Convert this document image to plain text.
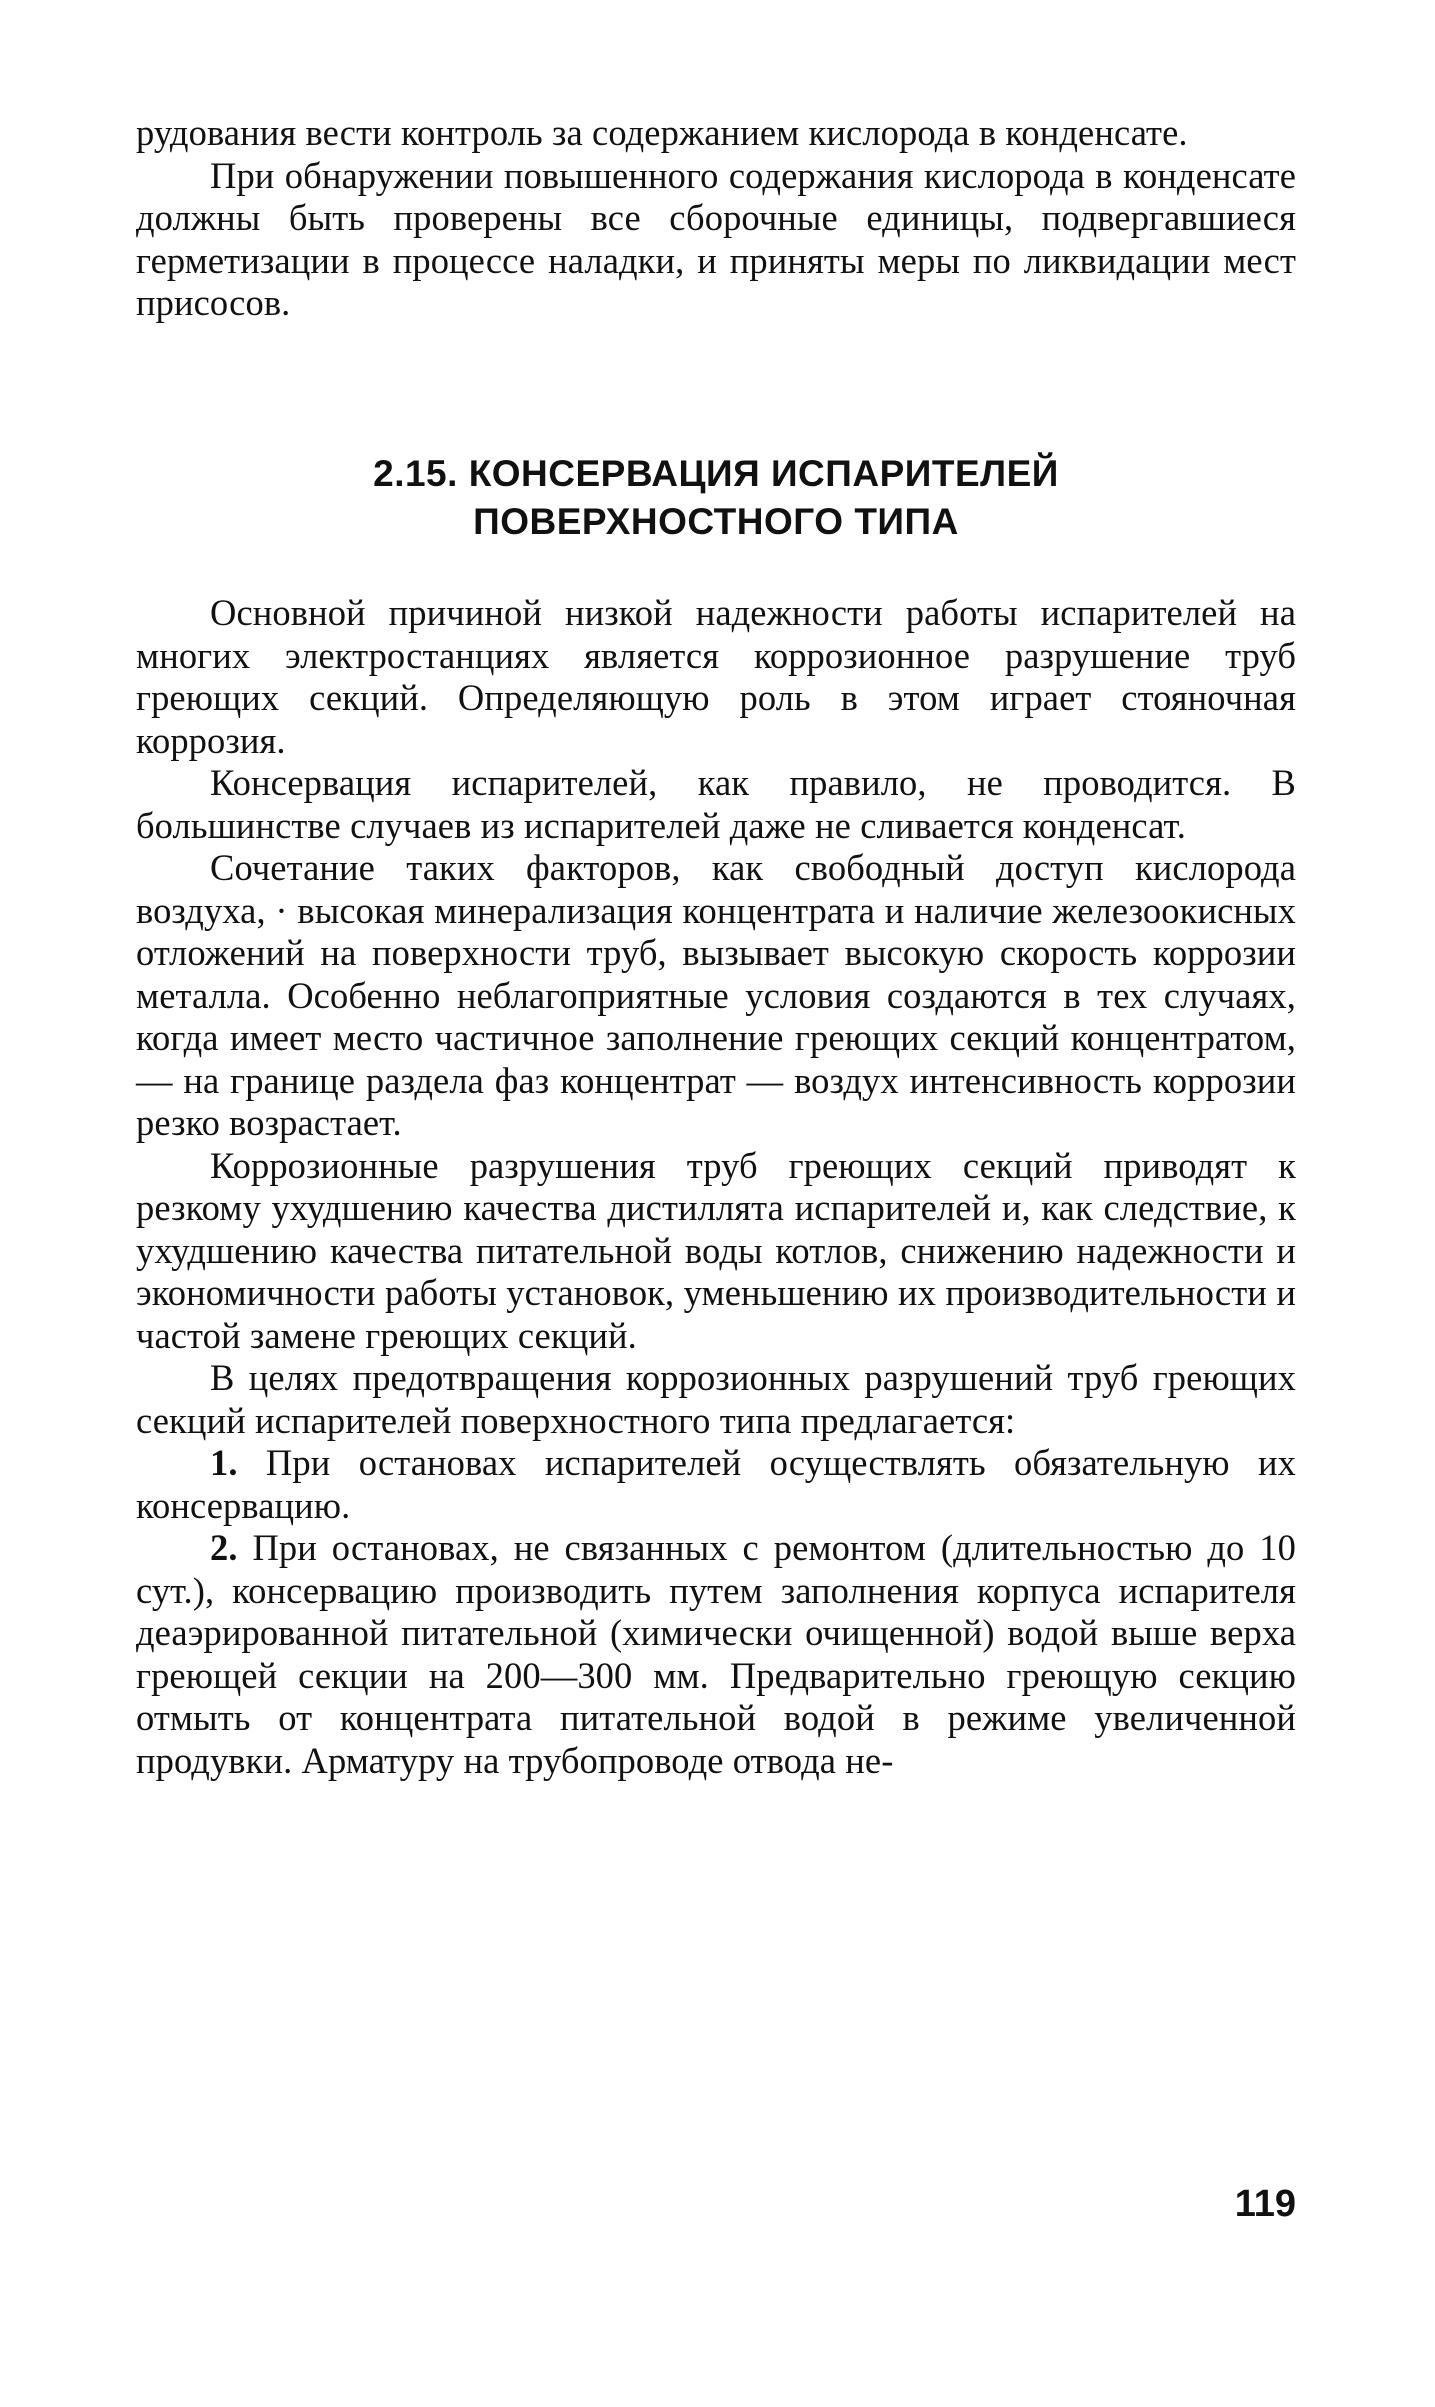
рудования вести контроль за содержанием кислорода в конденсате.

При обнаружении повышенного содержания кислорода в конденсате должны быть проверены все сборочные единицы, подвергавшиеся герметизации в процессе наладки, и приняты меры по ликвидации мест присосов.

2.15. КОНСЕРВАЦИЯ ИСПАРИТЕЛЕЙ
ПОВЕРХНОСТНОГО ТИПА

Основной причиной низкой надежности работы испарителей на многих электростанциях является коррозионное разрушение труб греющих секций. Определяющую роль в этом играет стояночная коррозия.

Консервация испарителей, как правило, не проводится. В большинстве случаев из испарителей даже не сливается конденсат.

Сочетание таких факторов, как свободный доступ кислорода воздуха, · высокая минерализация концентрата и наличие железоокисных отложений на поверхности труб, вызывает высокую скорость коррозии металла. Особенно неблагоприятные условия создаются в тех случаях, когда имеет место частичное заполнение греющих секций концентратом, — на границе раздела фаз концентрат — воздух интенсивность коррозии резко возрастает.

Коррозионные разрушения труб греющих секций приводят к резкому ухудшению качества дистиллята испарителей и, как следствие, к ухудшению качества питательной воды котлов, снижению надежности и экономичности работы установок, уменьшению их производительности и частой замене греющих секций.

В целях предотвращения коррозионных разрушений труб греющих секций испарителей поверхностного типа предлагается:

1. При остановах испарителей осуществлять обязательную их консервацию.

2. При остановах, не связанных с ремонтом (длительностью до 10 сут.), консервацию производить путем заполнения корпуса испарителя деаэрированной питательной (химически очищенной) водой выше верха греющей секции на 200—300 мм. Предварительно греющую секцию отмыть от концентрата питательной водой в режиме увеличенной продувки. Арматуру на трубопроводе отвода не-

119
